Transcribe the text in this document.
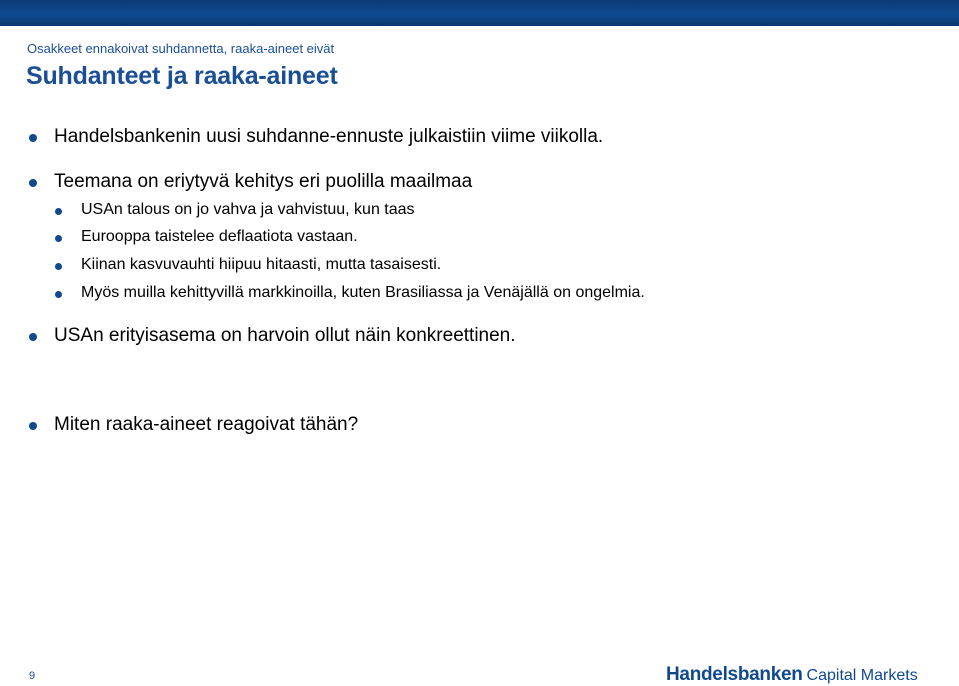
Osakkeet ennakoivat suhdannetta, raaka-aineet eivät
Suhdanteet ja raaka-aineet
Handelsbankenin uusi suhdanne-ennuste julkaistiin viime viikolla.
Teemana on eriytyvä kehitys eri puolilla maailmaa
USAn talous on jo vahva ja vahvistuu, kun taas
Eurooppa taistelee deflaatiota vastaan.
Kiinan kasvuvauhti hiipuu hitaasti, mutta tasaisesti.
Myös muilla kehittyvillä markkinoilla, kuten Brasiliassa ja Venäjällä on ongelmia.
USAn erityisasema on harvoin ollut näin konkreettinen.
Miten raaka-aineet reagoivat tähän?
9	Handelsbanken Capital Markets
